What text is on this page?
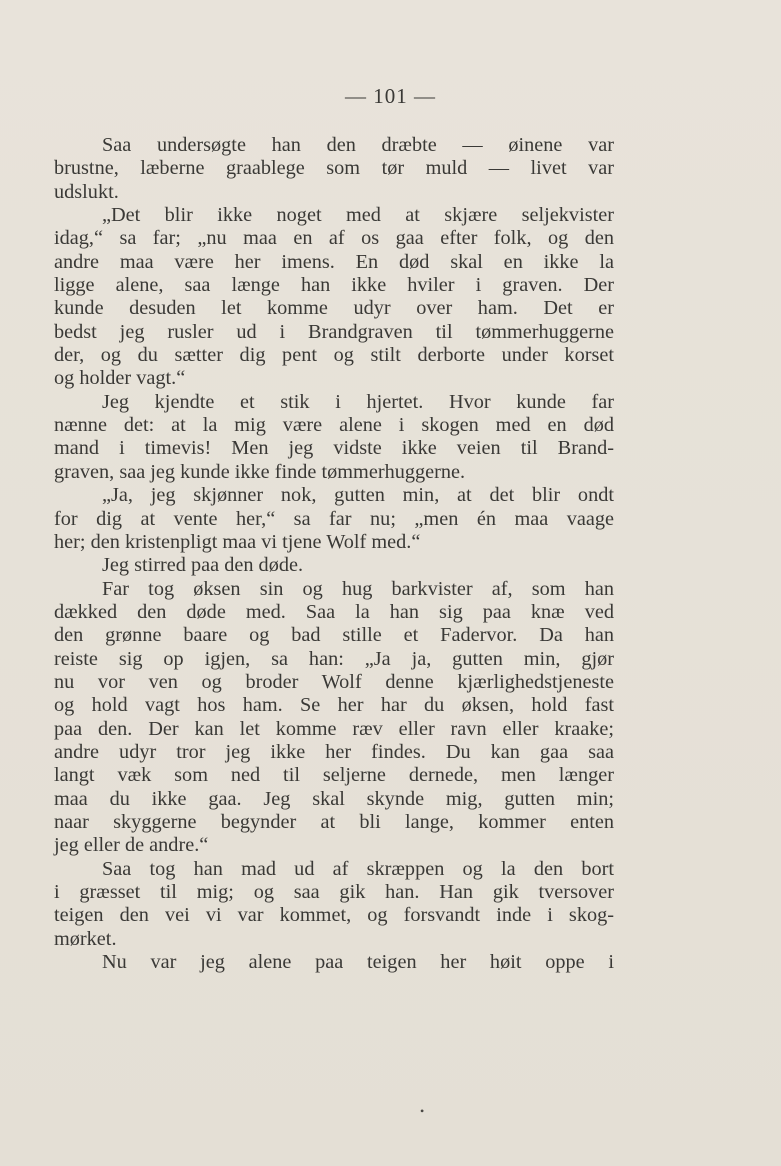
— 101 —
Saa undersøgte han den dræbte — øinene var
brustne, læberne graablege som tør muld — livet var
udslukt.
„Det blir ikke noget med at skjære seljekvister
idag,“ sa far; „nu maa en af os gaa efter folk, og den
andre maa være her imens. En død skal en ikke la
ligge alene, saa længe han ikke hviler i graven. Der
kunde desuden let komme udyr over ham. Det er
bedst jeg rusler ud i Brandgraven til tømmerhuggerne
der, og du sætter dig pent og stilt derborte under korset
og holder vagt.“
Jeg kjendte et stik i hjertet. Hvor kunde far
nænne det: at la mig være alene i skogen med en død
mand i timevis! Men jeg vidste ikke veien til Brand-
graven, saa jeg kunde ikke finde tømmerhuggerne.
„Ja, jeg skjønner nok, gutten min, at det blir ondt
for dig at vente her,“ sa far nu; „men én maa vaage
her; den kristenpligt maa vi tjene Wolf med.“
Jeg stirred paa den døde.
Far tog øksen sin og hug barkvister af, som han
dækked den døde med. Saa la han sig paa knæ ved
den grønne baare og bad stille et Fadervor. Da han
reiste sig op igjen, sa han: „Ja ja, gutten min, gjør
nu vor ven og broder Wolf denne kjærlighedstjeneste
og hold vagt hos ham. Se her har du øksen, hold fast
paa den. Der kan let komme ræv eller ravn eller kraake;
andre udyr tror jeg ikke her findes. Du kan gaa saa
langt væk som ned til seljerne dernede, men længer
maa du ikke gaa. Jeg skal skynde mig, gutten min;
naar skyggerne begynder at bli lange, kommer enten
jeg eller de andre.“
Saa tog han mad ud af skræppen og la den bort
i græsset til mig; og saa gik han. Han gik tversover
teigen den vei vi var kommet, og forsvandt inde i skog-
mørket.
Nu var jeg alene paa teigen her høit oppe i
•
